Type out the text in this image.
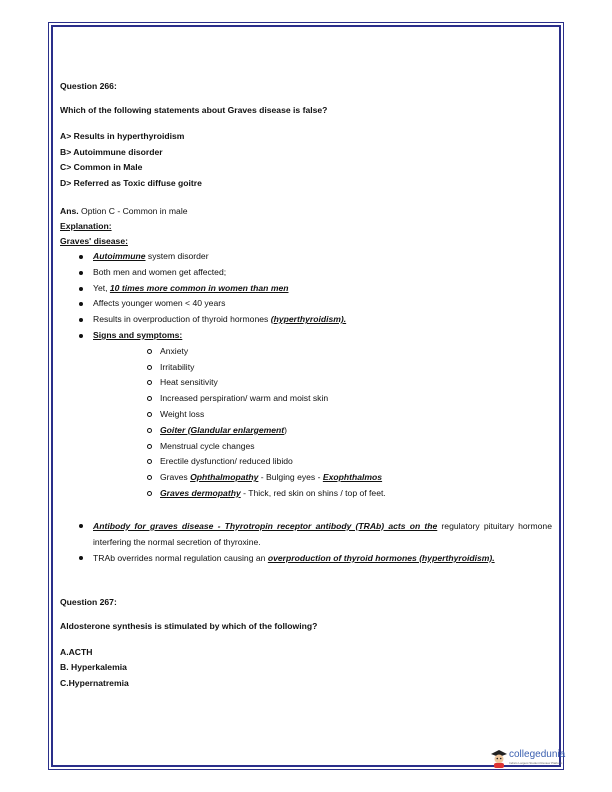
Question 266:
Which of the following statements about Graves disease is false?
A> Results in hyperthyroidism
B> Autoimmune disorder
C> Common in Male
D> Referred as Toxic diffuse goitre
Ans. Option C - Common in male
Explanation:
Graves' disease:
Autoimmune system disorder
Both men and women get affected;
Yet, 10 times more common in women than men
Affects younger women < 40 years
Results in overproduction of thyroid hormones (hyperthyroidism).
Signs and symptoms:
Anxiety
Irritability
Heat sensitivity
Increased perspiration/ warm and moist skin
Weight loss
Goiter (Glandular enlargement)
Menstrual cycle changes
Erectile dysfunction/ reduced libido
Graves Ophthalmopathy - Bulging eyes - Exophthalmos
Graves dermopathy - Thick, red skin on shins / top of feet.
Antibody for graves disease - Thyrotropin receptor antibody (TRAb) acts on the regulatory pituitary hormone interfering the normal secretion of thyroxine.
TRAb overrides normal regulation causing an overproduction of thyroid hormones (hyperthyroidism).
Question 267:
Aldosterone synthesis is stimulated by which of the following?
A.ACTH
B. Hyperkalemia
C.Hypernatremia
collegedunia
India's Largest Student Review Platform
